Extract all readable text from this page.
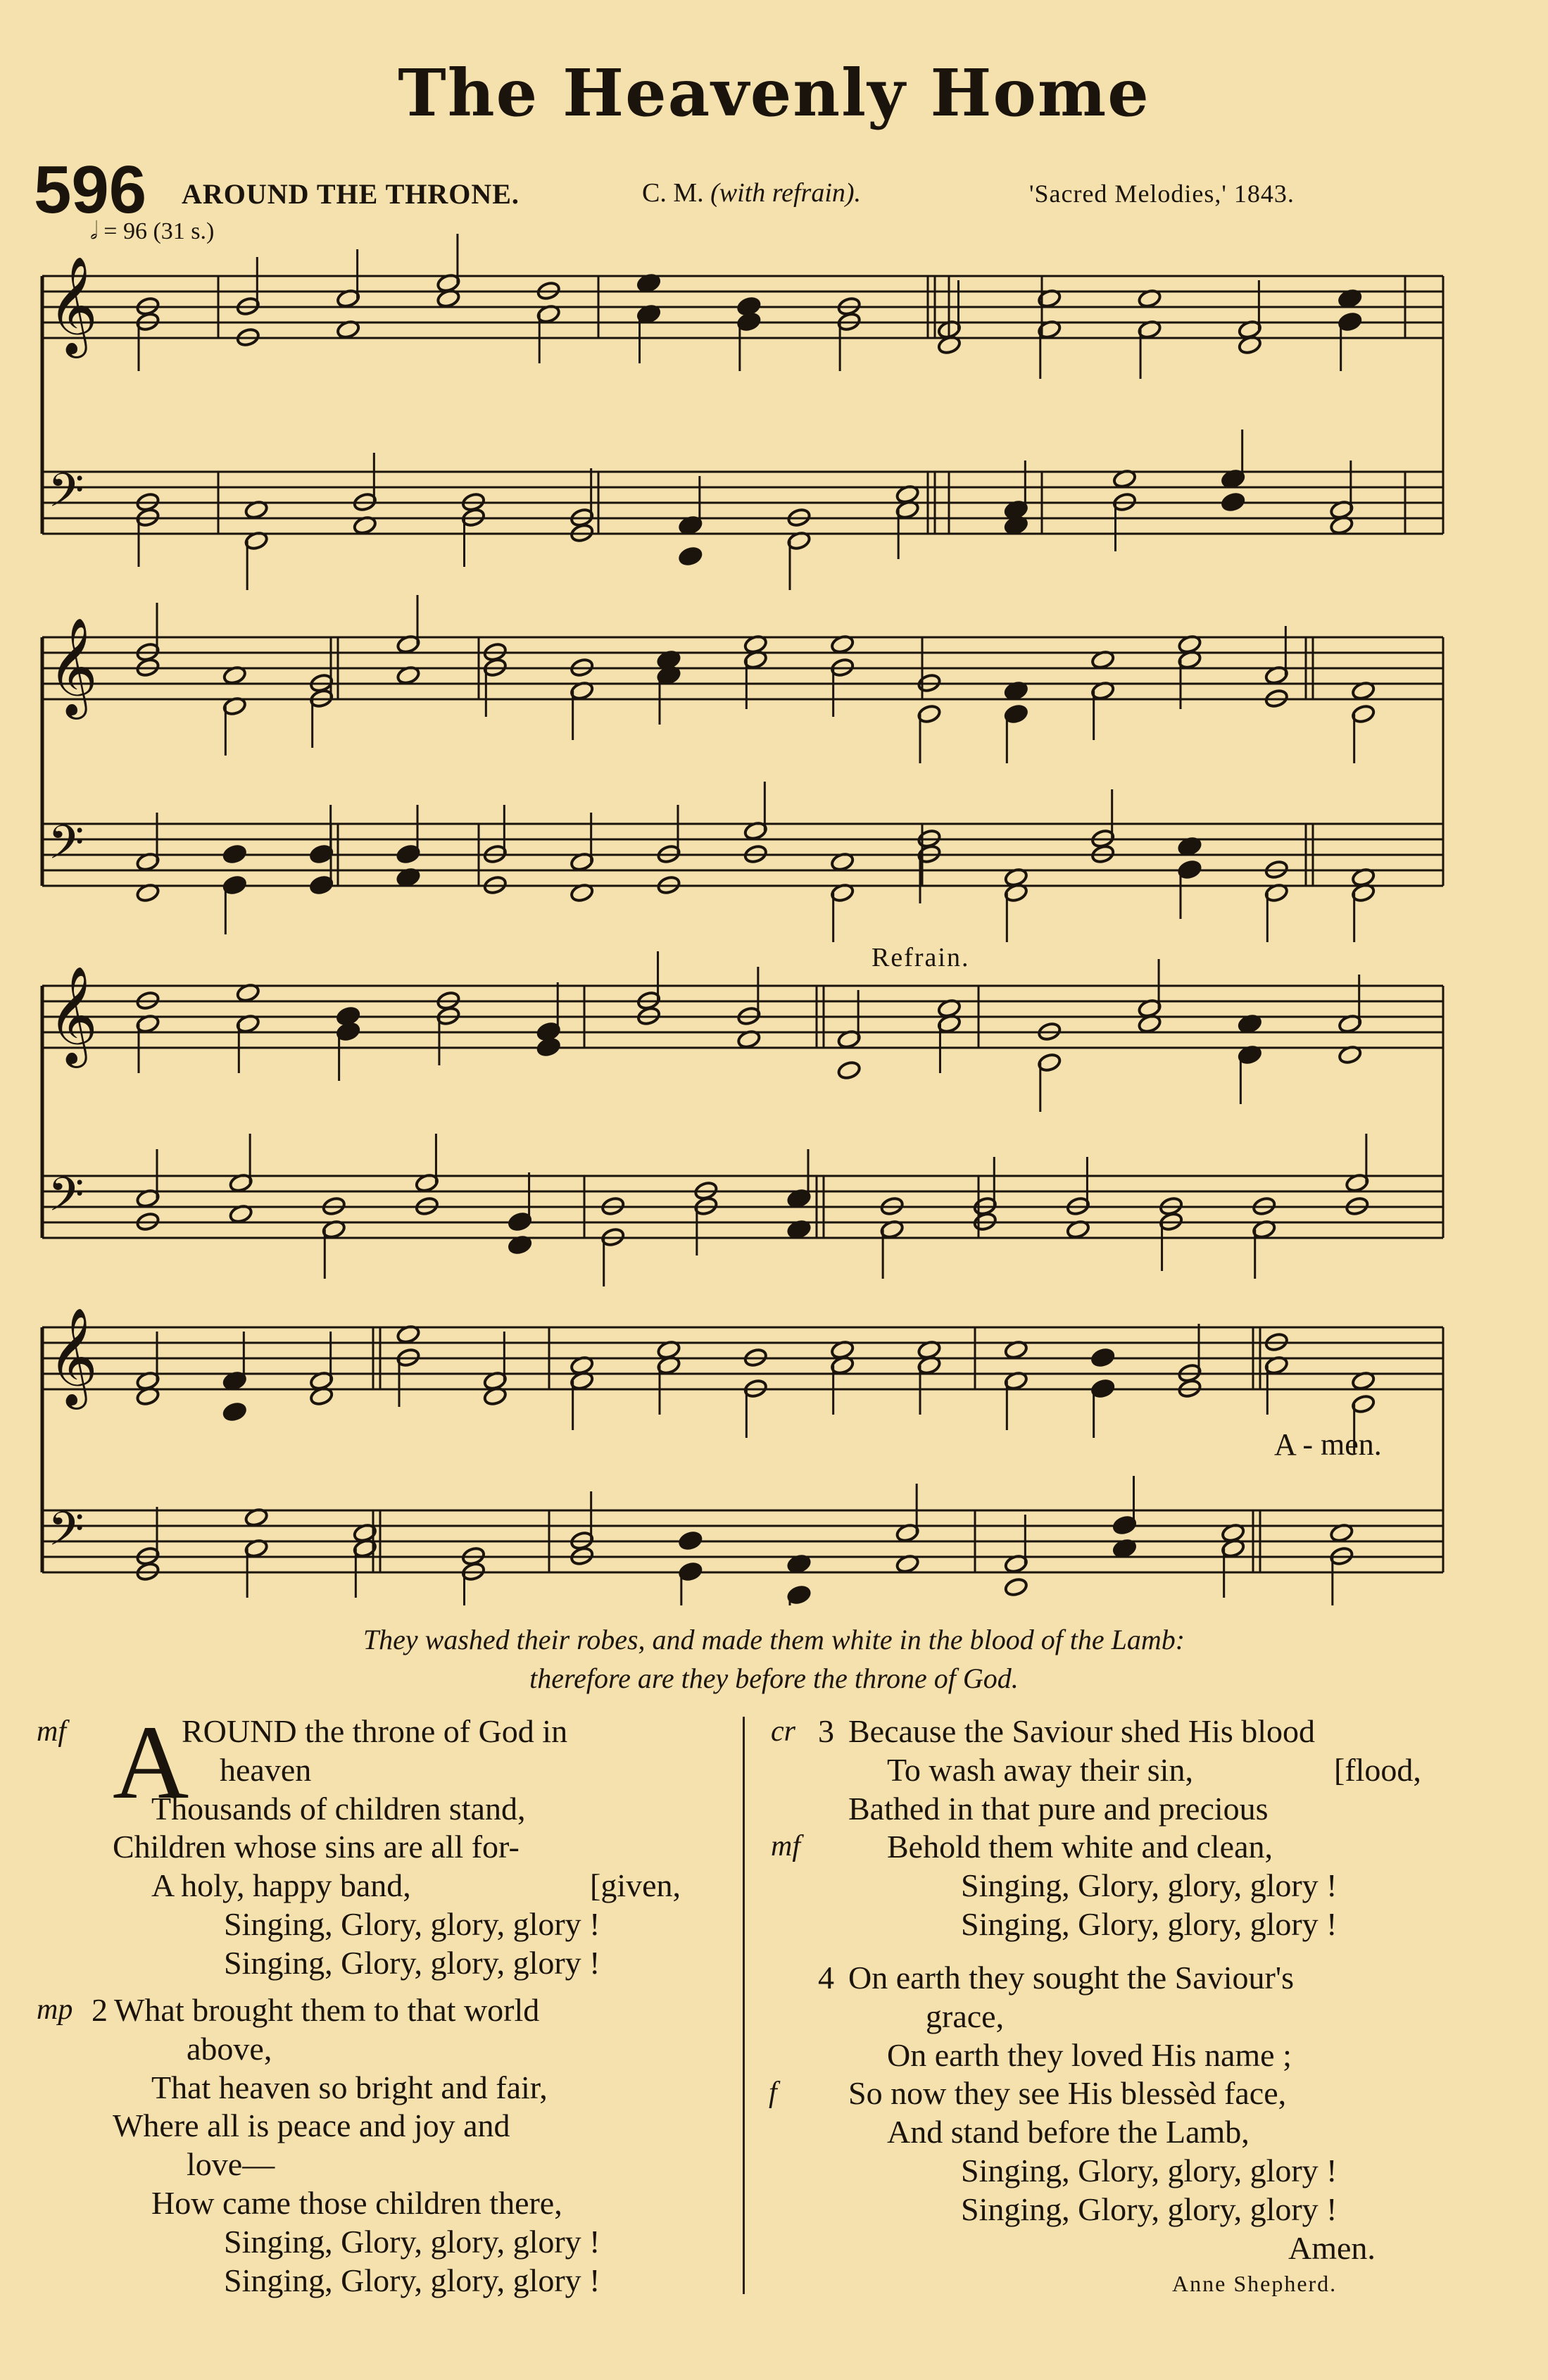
The Heavenly Home
596 AROUND THE THRONE.	C. M. (with refrain).	'Sacred Melodies,' 1843.
𝅗𝅥 = 96 (31 s.)
𝄞
𝄢
𝄞
𝄢
𝄞
𝄢
𝄞
𝄢
Refrain.
A - men.
They washed their robes, and made them white in the blood of the Lamb:
therefore are they before the throne of God.
mf A
ROUND the throne of God in
heaven
Thousands of children stand,
Children whose sins are all for-
A holy, happy band,	[given,
Singing, Glory, glory, glory !
Singing, Glory, glory, glory !
mp 2 What brought them to that world
above,
That heaven so bright and fair,
Where all is peace and joy and
love—
How came those children there,
Singing, Glory, glory, glory !
Singing, Glory, glory, glory !
cr 3 Because the Saviour shed His blood
To wash away their sin,	[flood,
Bathed in that pure and precious
mf	Behold them white and clean,
Singing, Glory, glory, glory !
Singing, Glory, glory, glory !
4 On earth they sought the Saviour's
grace,
On earth they loved His name ;
f So now they see His blessèd face,
And stand before the Lamb,
Singing, Glory, glory, glory !
Singing, Glory, glory, glory !
Amen.
Anne Shepherd.
